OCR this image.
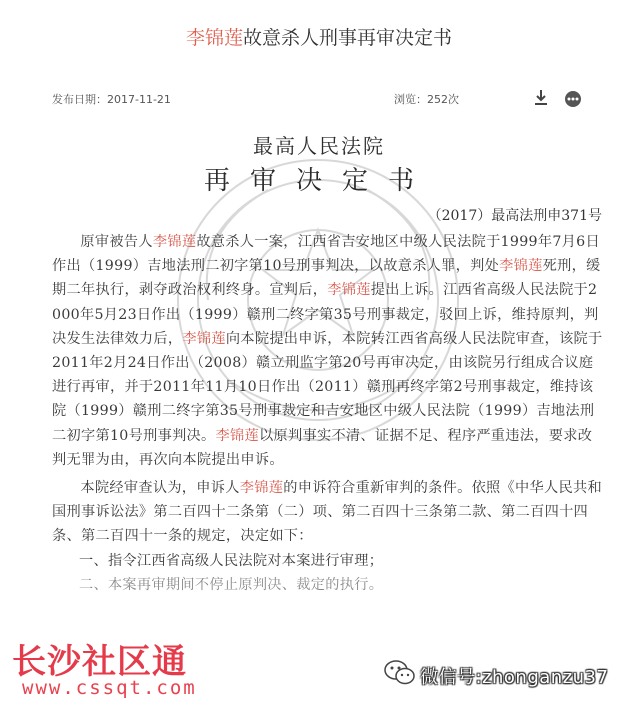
李锦莲故意杀人刑事再审决定书
发布日期：2017-11-21	浏览：252次
最高人民法院
再审决定书
（2017）最高法刑申371号

原审被告人李锦莲故意杀人一案，江西省吉安地区中级人民法院于1999年7月6日作出（1999）吉地法刑二初字第10号刑事判决，以故意杀人罪，判处李锦莲死刑，缓期二年执行，剥夺政治权利终身。宣判后，李锦莲提出上诉。江西省高级人民法院于2000年5月23日作出（1999）赣刑二终字第35号刑事裁定，驳回上诉，维持原判，判决发生法律效力后，李锦莲向本院提出申诉，本院转江西省高级人民法院审查，该院于2011年2月24日作出（2008）赣立刑监字第20号再审决定，由该院另行组成合议庭进行再审，并于2011年11月10日作出（2011）赣刑再终字第2号刑事裁定，维持该院（1999）赣刑二终字第35号刑事裁定和吉安地区中级人民法院（1999）吉地法刑二初字第10号刑事判决。李锦莲以原判事实不清、证据不足、程序严重违法，要求改判无罪为由，再次向本院提出申诉。

本院经审查认为，申诉人李锦莲的申诉符合重新审判的条件。依照《中华人民共和国刑事诉讼法》第二百四十二条第（二）项、第二百四十三条第二款、第二百四十四条、第二百四十一条的规定，决定如下：

一、指令江西省高级人民法院对本案进行审理；

二、本案再审期间不停止原判决、裁定的执行。

长沙社区通
www.cssqt.com	微信号:zhonganzu37
